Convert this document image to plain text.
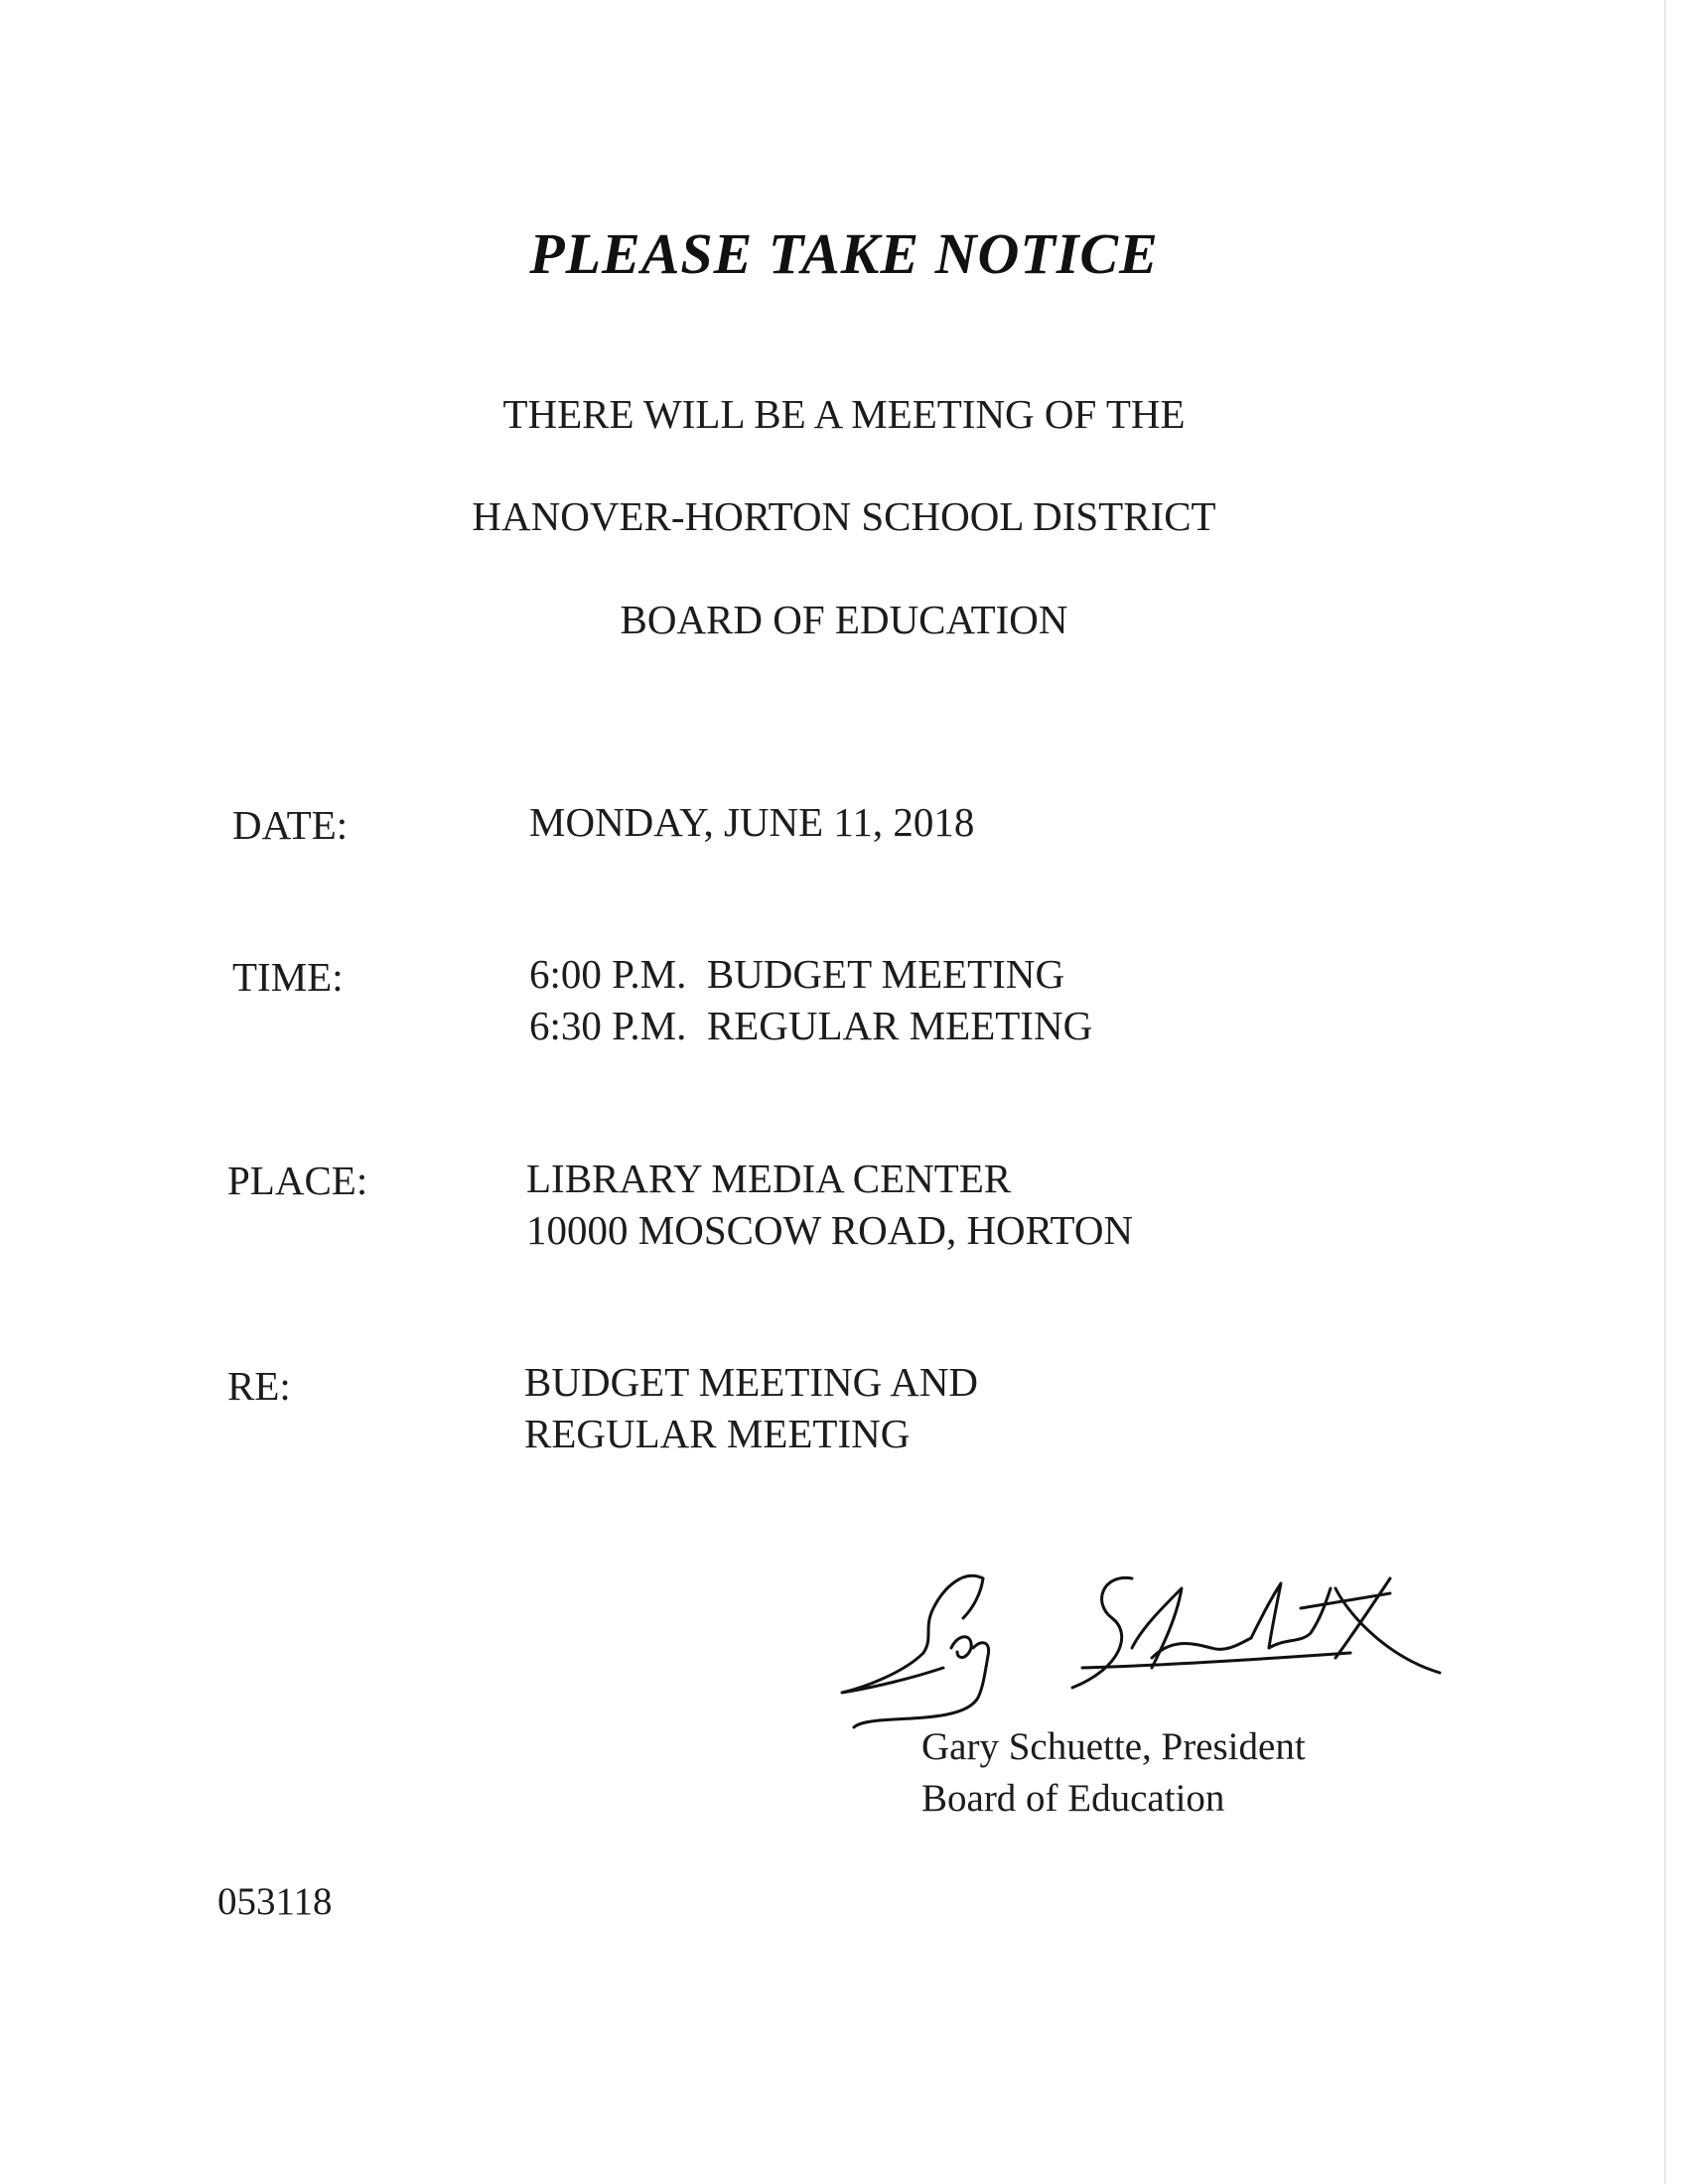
PLEASE TAKE NOTICE
THERE WILL BE A MEETING OF THE
HANOVER-HORTON SCHOOL DISTRICT
BOARD OF EDUCATION
DATE:	MONDAY, JUNE 11, 2018
TIME:	6:00 P.M.  BUDGET MEETING
6:30 P.M.  REGULAR MEETING
PLACE:	LIBRARY MEDIA CENTER
10000 MOSCOW ROAD, HORTON
RE:	BUDGET MEETING AND
REGULAR MEETING
Gary Schuette, President
Board of Education
053118
